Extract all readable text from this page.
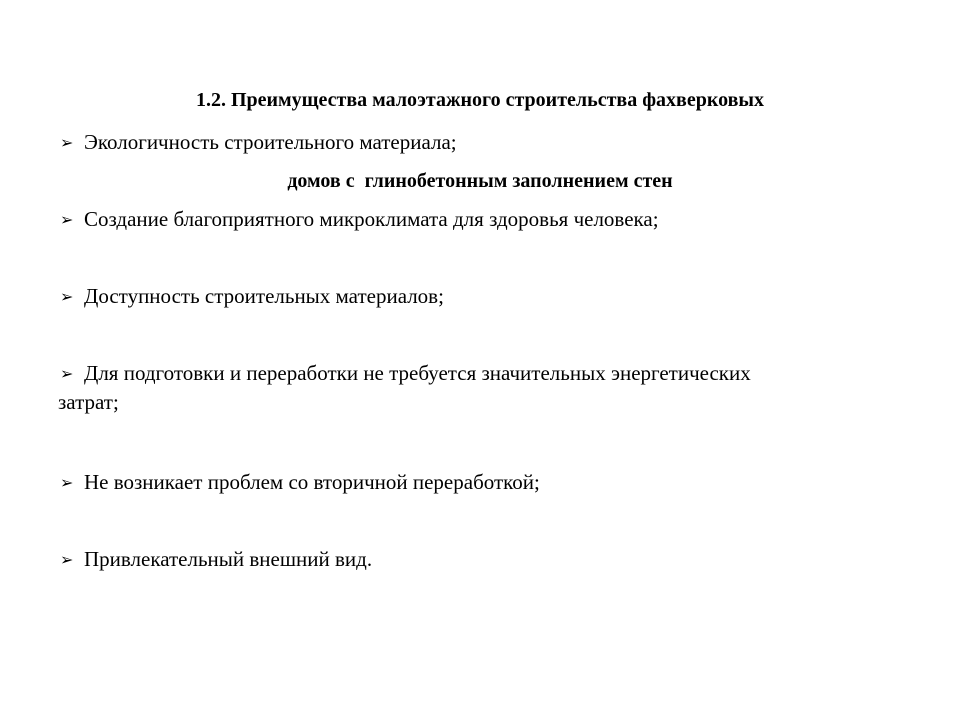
1.2. Преимущества малоэтажного строительства фахверковых

домов с  глинобетонным заполнением стен

➢ Экологичность строительного материала;
➢ Создание благоприятного микроклимата для здоровья человека;
➢ Доступность строительных материалов;
➢ Для подготовки и переработки не требуется значительных энергетических
затрат;
➢ Не возникает проблем со вторичной переработкой;
➢ Привлекательный внешний вид.
